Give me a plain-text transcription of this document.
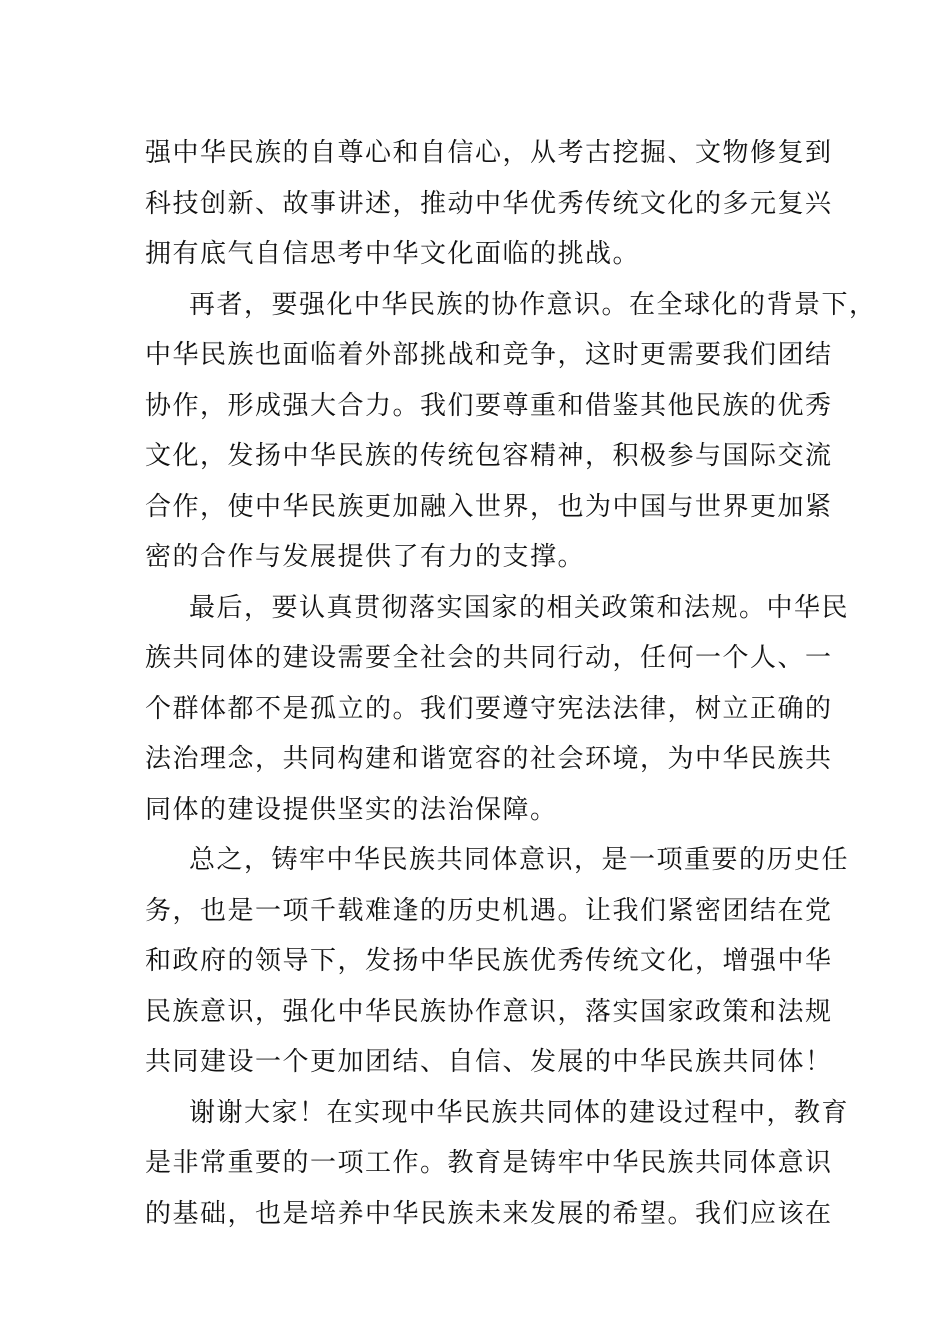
强中华民族的自尊心和自信心，从考古挖掘、文物修复到
科技创新、故事讲述，推动中华优秀传统文化的多元复兴
拥有底气自信思考中华文化面临的挑战。
再者，要强化中华民族的协作意识。在全球化的背景下，
中华民族也面临着外部挑战和竞争，这时更需要我们团结
协作，形成强大合力。我们要尊重和借鉴其他民族的优秀
文化，发扬中华民族的传统包容精神，积极参与国际交流
合作，使中华民族更加融入世界，也为中国与世界更加紧
密的合作与发展提供了有力的支撑。
最后，要认真贯彻落实国家的相关政策和法规。中华民
族共同体的建设需要全社会的共同行动，任何一个人、一
个群体都不是孤立的。我们要遵守宪法法律，树立正确的
法治理念，共同构建和谐宽容的社会环境，为中华民族共
同体的建设提供坚实的法治保障。
总之，铸牢中华民族共同体意识，是一项重要的历史任
务，也是一项千载难逢的历史机遇。让我们紧密团结在党
和政府的领导下，发扬中华民族优秀传统文化，增强中华
民族意识，强化中华民族协作意识，落实国家政策和法规
共同建设一个更加团结、自信、发展的中华民族共同体！
谢谢大家！在实现中华民族共同体的建设过程中，教育
是非常重要的一项工作。教育是铸牢中华民族共同体意识
的基础，也是培养中华民族未来发展的希望。我们应该在
